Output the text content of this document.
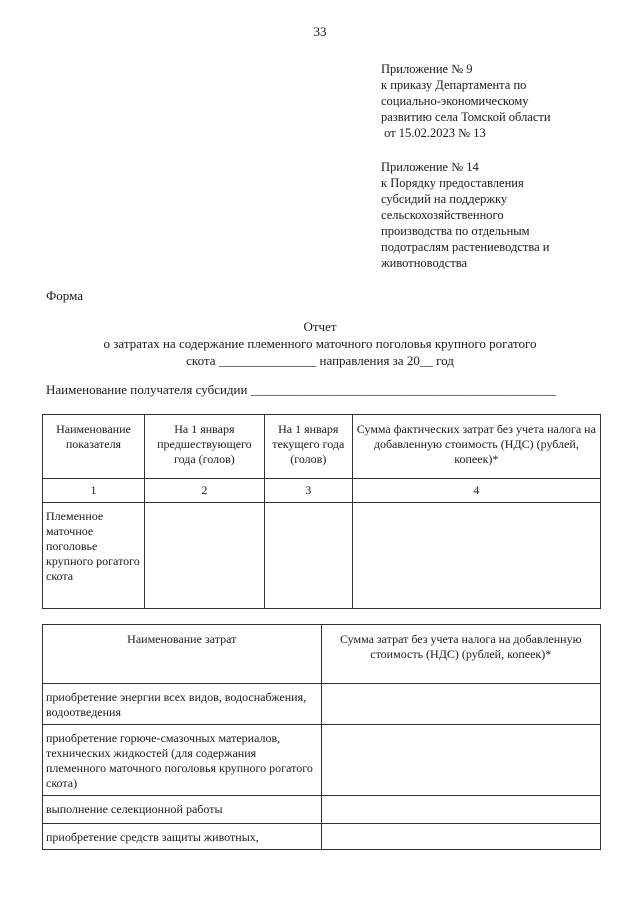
33
Приложение № 9
к приказу Департамента по
социально-экономическому
развитию села Томской области
от 15.02.2023 № 13
Приложение № 14
к Порядку предоставления
субсидий на поддержку
сельскохозяйственного
производства по отдельным
подотраслям растениеводства и
животноводства
Форма
Отчет
о затратах на содержание племенного маточного поголовья крупного рогатого
скота _______________ направления за 20__ год
Наименование получателя субсидии _______________________________________________
Наименование показателя	На 1 января предшествующего года (голов)	На 1 января текущего года (голов)	Сумма фактических затрат без учета налога на добавленную стоимость (НДС) (рублей, копеек)*
1	2	3	4
Племенное маточное поголовье крупного рогатого скота			
Наименование затрат	Сумма затрат без учета налога на добавленную стоимость (НДС) (рублей, копеек)*
приобретение энергии всех видов, водоснабжения, водоотведения	
приобретение горюче-смазочных материалов, технических жидкостей (для содержания племенного маточного поголовья крупного рогатого скота)	
выполнение селекционной работы	
приобретение средств защиты животных,	
